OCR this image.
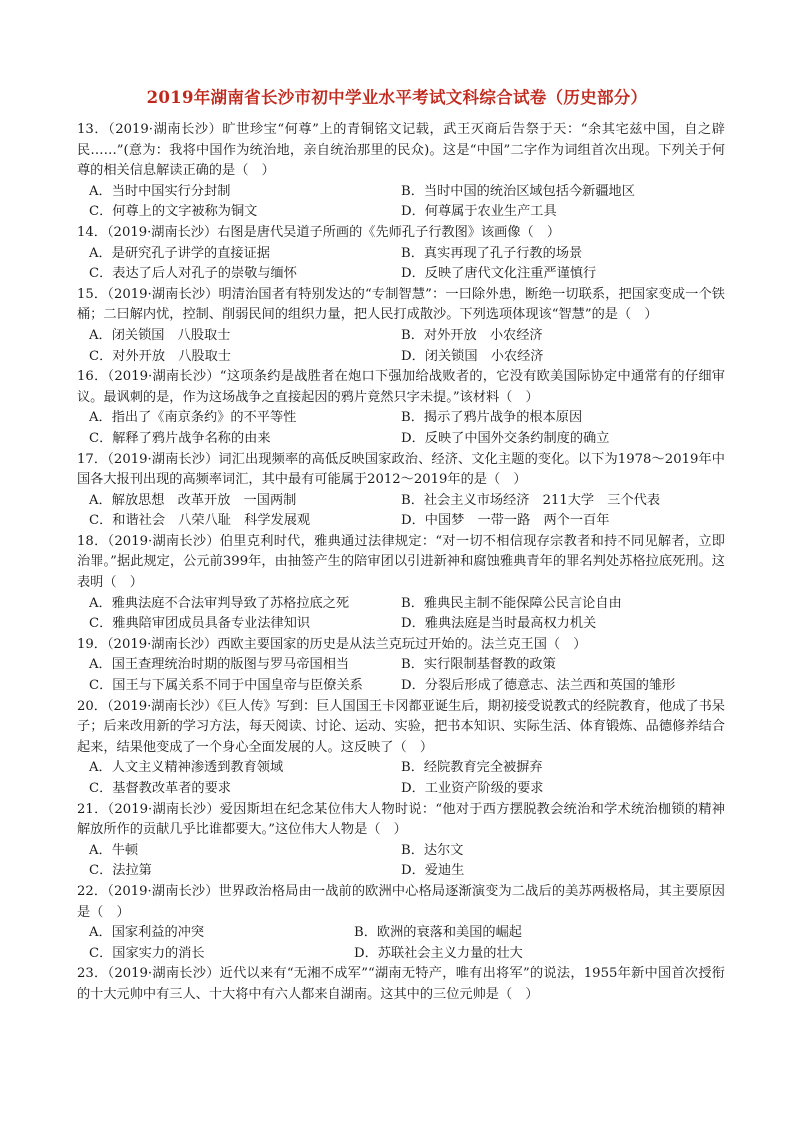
2019年湖南省长沙市初中学业水平考试文科综合试卷（历史部分）
13．（2019·湖南长沙）旷世珍宝“何尊”上的青铜铭文记载，武王灭商后告祭于天：“余其宅兹中国，自之辟民……”(意为：我将中国作为统治地，亲自统治那里的民众)。这是“中国”二字作为词组首次出现。下列关于何尊的相关信息解读正确的是（　）
A．当时中国实行分封制	B．当时中国的统治区域包括今新疆地区
C．何尊上的文字被称为铜文	D．何尊属于农业生产工具
14．（2019·湖南长沙）右图是唐代吴道子所画的《先师孔子行教图》该画像（　）
A．是研究孔子讲学的直接证据	B．真实再现了孔子行教的场景
C．表达了后人对孔子的崇敬与缅怀	D．反映了唐代文化注重严谨慎行
15．（2019·湖南长沙）明清治国者有特别发达的“专制智慧”：一曰除外患，断绝一切联系，把国家变成一个铁桶；二曰解内忧，控制、削弱民间的组织力量，把人民打成散沙。下列选项体现该“智慧”的是（　）
A．闭关锁国　八股取士	B．对外开放　小农经济
C．对外开放　八股取士	D．闭关锁国　小农经济
16．（2019·湖南长沙）“这项条约是战胜者在炮口下强加给战败者的，它没有欧美国际协定中通常有的仔细审议。最讽刺的是，作为这场战争之直接起因的鸦片竟然只字未提。”该材料（　）
A．指出了《南京条约》的不平等性	B．揭示了鸦片战争的根本原因
C．解释了鸦片战争名称的由来	D．反映了中国外交条约制度的确立
17．（2019·湖南长沙）词汇出现频率的高低反映国家政治、经济、文化主题的变化。以下为1978～2019年中国各大报刊出现的高频率词汇，其中最有可能属于2012～2019年的是（　）
A．解放思想　改革开放　一国两制	B．社会主义市场经济　211大学　三个代表
C．和谐社会　八荣八耻　科学发展观	D．中国梦　一带一路　两个一百年
18．（2019·湖南长沙）伯里克利时代，雅典通过法律规定：“对一切不相信现存宗教者和持不同见解者，立即治罪。”据此规定，公元前399年，由抽签产生的陪审团以引进新神和腐蚀雅典青年的罪名判处苏格拉底死刑。这表明（　）
A．雅典法庭不合法审判导致了苏格拉底之死	B．雅典民主制不能保障公民言论自由
C．雅典陪审团成员具备专业法律知识	D．雅典法庭是当时最高权力机关
19．（2019·湖南长沙）西欧主要国家的历史是从法兰克玩过开始的。法兰克王国（　）
A．国王查理统治时期的版图与罗马帝国相当	B．实行限制基督教的政策
C．国王与下属关系不同于中国皇帝与臣僚关系	D．分裂后形成了德意志、法兰西和英国的雏形
20．（2019·湖南长沙）《巨人传》写到：巨人国国王卡冈都亚诞生后，期初接受说教式的经院教育，他成了书呆子；后来改用新的学习方法，每天阅读、讨论、运动、实验，把书本知识、实际生活、体育锻炼、品德修养结合起来，结果他变成了一个身心全面发展的人。这反映了（　）
A．人文主义精神渗透到教育领域	B．经院教育完全被摒弃
C．基督教改革者的要求	D．工业资产阶级的要求
21．（2019·湖南长沙）爱因斯坦在纪念某位伟大人物时说：“他对于西方摆脱教会统治和学术统治枷锁的精神解放所作的贡献几乎比谁都要大。”这位伟大人物是（　）
A．牛顿	B．达尔文
C．法拉第	D．爱迪生
22．（2019·湖南长沙）世界政治格局由一战前的欧洲中心格局逐渐演变为二战后的美苏两极格局，其主要原因是（　）
A．国家利益的冲突	B．欧洲的衰落和美国的崛起
C．国家实力的消长	D．苏联社会主义力量的壮大
23．（2019·湖南长沙）近代以来有“无湘不成军”“湖南无特产，唯有出将军”的说法，1955年新中国首次授衔的十大元帅中有三人、十大将中有六人都来自湖南。这其中的三位元帅是（　）
